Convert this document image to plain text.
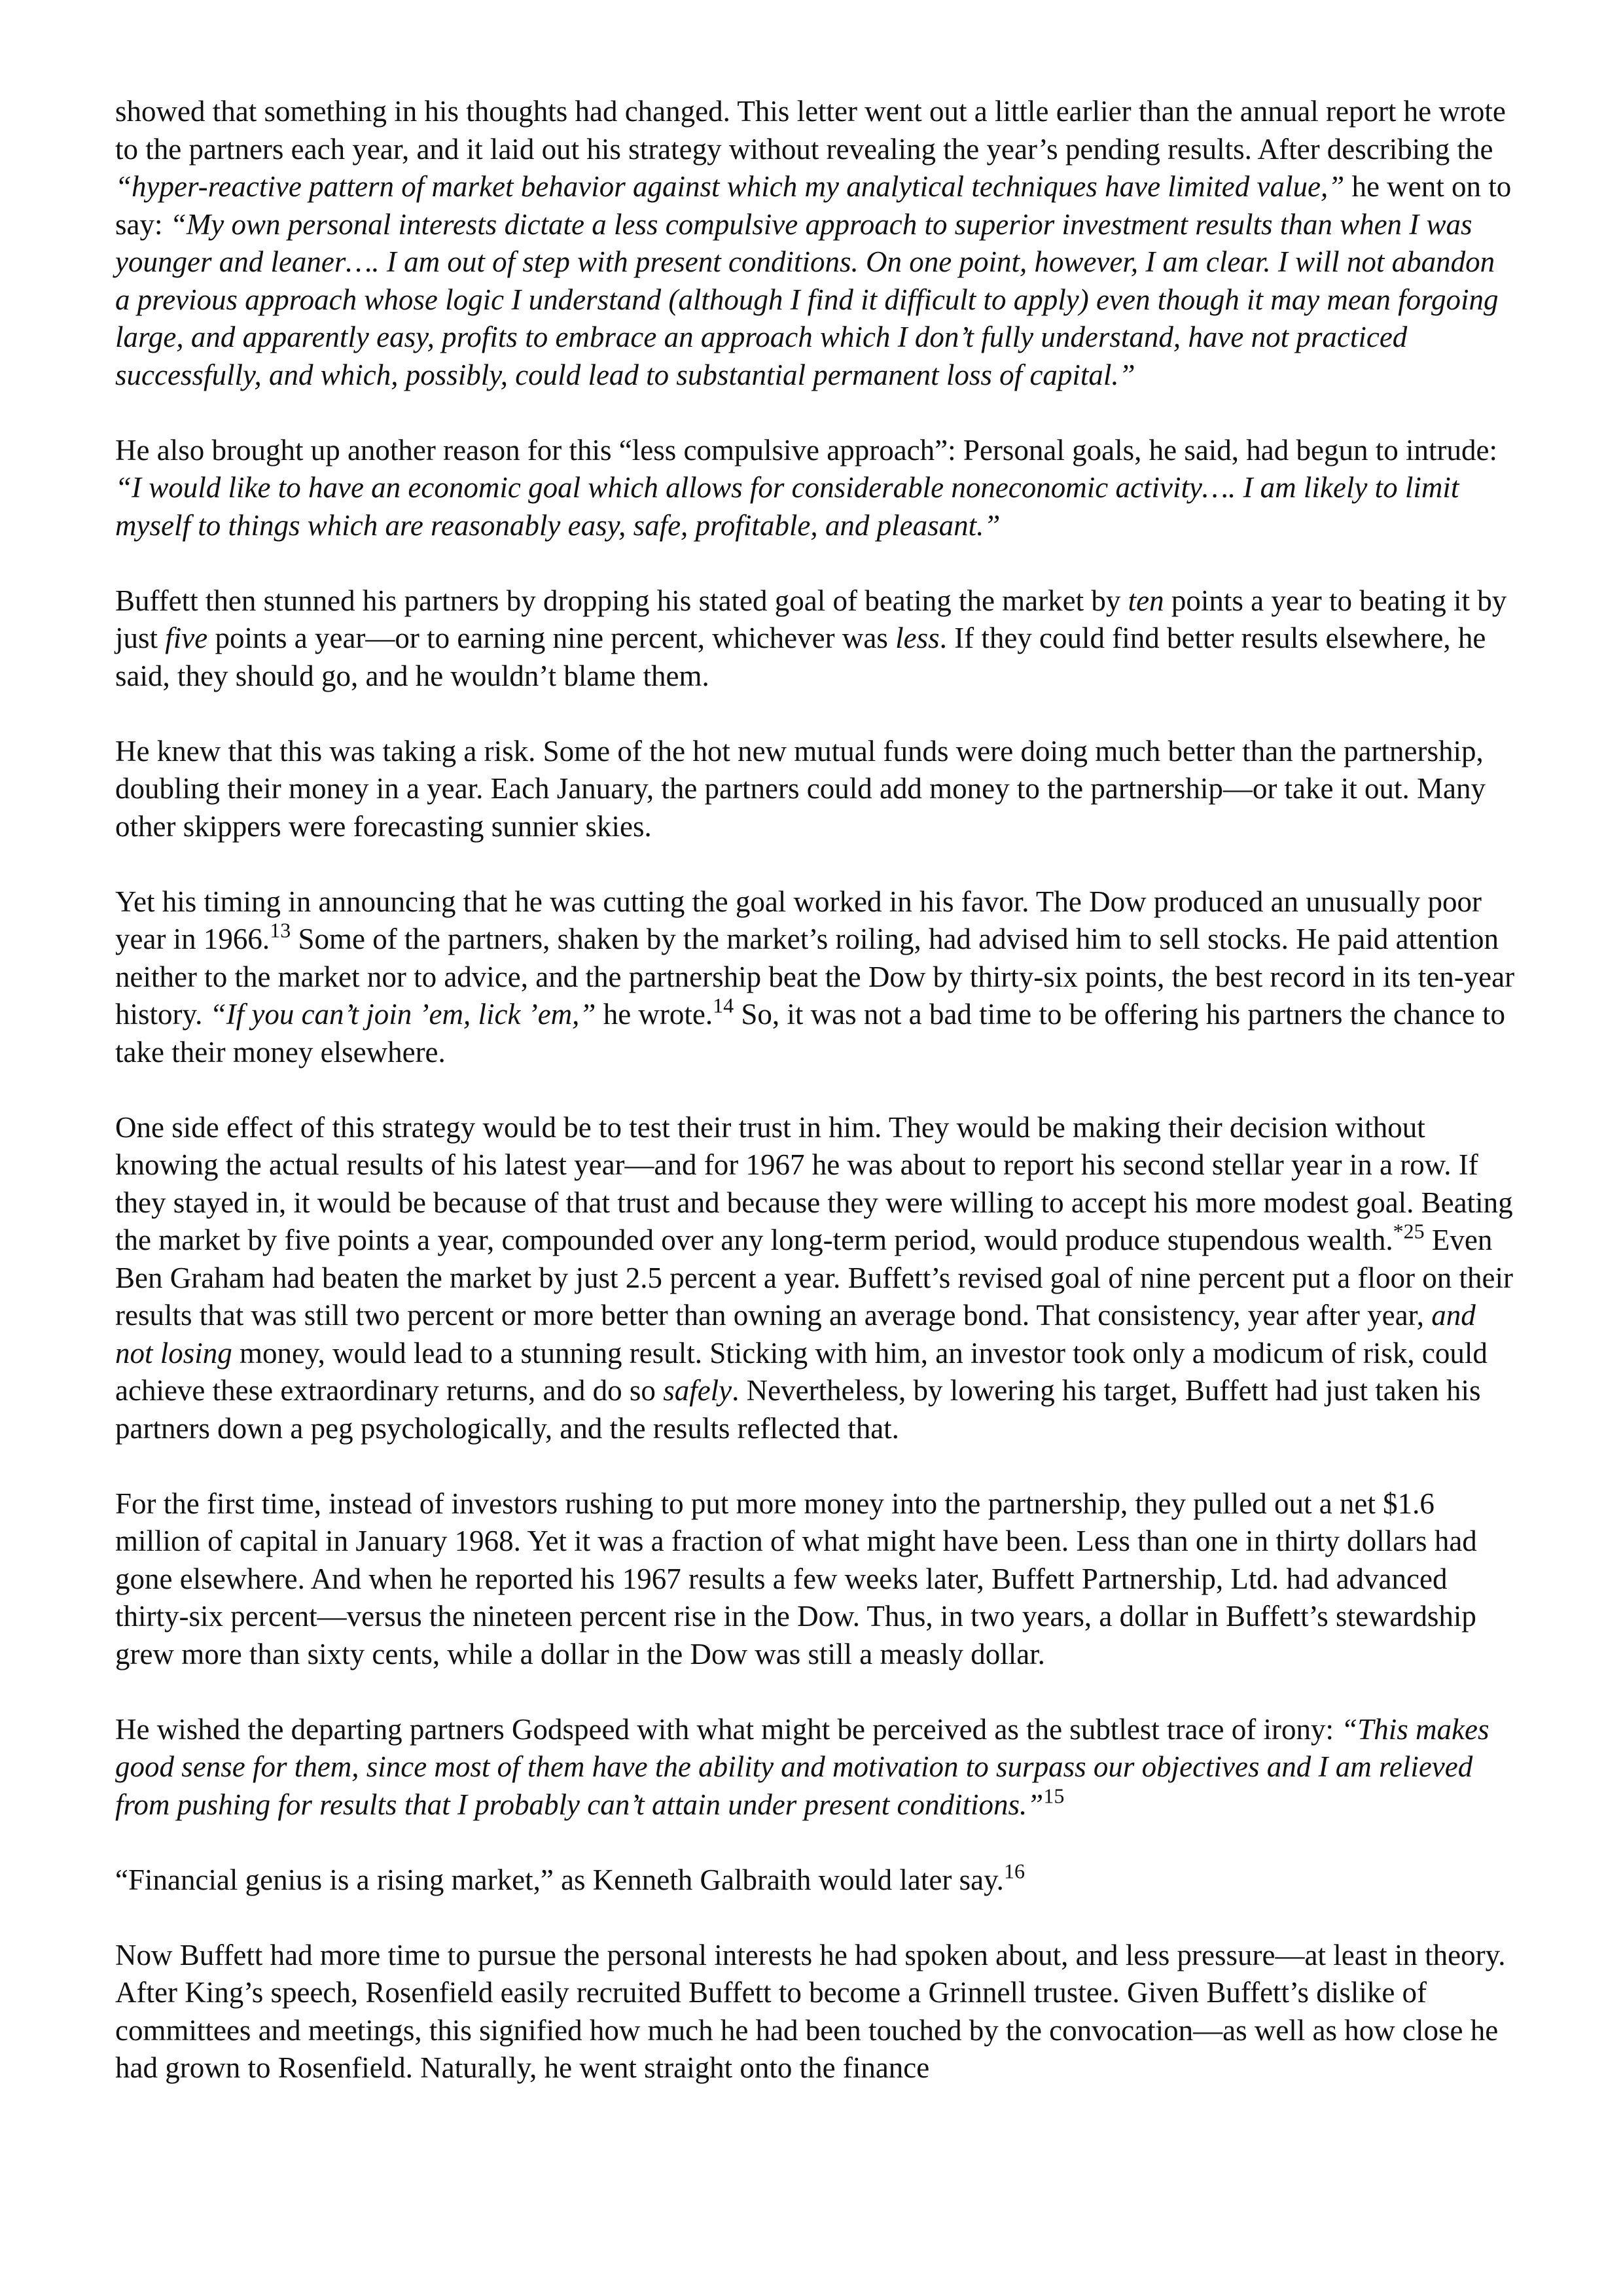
showed that something in his thoughts had changed. This letter went out a little earlier than the annual report he wrote to the partners each year, and it laid out his strategy without revealing the year’s pending results. After describing the “hyper-reactive pattern of market behavior against which my analytical techniques have limited value,” he went on to say: “My own personal interests dictate a less compulsive approach to superior investment results than when I was younger and leaner…. I am out of step with present conditions. On one point, however, I am clear. I will not abandon a previous approach whose logic I understand (although I find it difficult to apply) even though it may mean forgoing large, and apparently easy, profits to embrace an approach which I don’t fully understand, have not practiced successfully, and which, possibly, could lead to substantial permanent loss of capital.”

He also brought up another reason for this “less compulsive approach”: Personal goals, he said, had begun to intrude: “I would like to have an economic goal which allows for considerable noneconomic activity…. I am likely to limit myself to things which are reasonably easy, safe, profitable, and pleasant.”

Buffett then stunned his partners by dropping his stated goal of beating the market by ten points a year to beating it by just five points a year—or to earning nine percent, whichever was less. If they could find better results elsewhere, he said, they should go, and he wouldn’t blame them.

He knew that this was taking a risk. Some of the hot new mutual funds were doing much better than the partnership, doubling their money in a year. Each January, the partners could add money to the partnership—or take it out. Many other skippers were forecasting sunnier skies.

Yet his timing in announcing that he was cutting the goal worked in his favor. The Dow produced an unusually poor year in 1966.13 Some of the partners, shaken by the market’s roiling, had advised him to sell stocks. He paid attention neither to the market nor to advice, and the partnership beat the Dow by thirty-six points, the best record in its ten-year history. “If you can’t join ’em, lick ’em,” he wrote.$^{14}$ So, it was not a bad time to be offering his partners the chance to take their money elsewhere.

One side effect of this strategy would be to test their trust in him. They would be making their decision without knowing the actual results of his latest year—and for 1967 he was about to report his second stellar year in a row. If they stayed in, it would be because of that trust and because they were willing to accept his more modest goal. Beating the market by five points a year, compounded over any long-term period, would produce stupendous wealth.$^{*25}$ Even Ben Graham had beaten the market by just 2.5 percent a year. Buffett’s revised goal of nine percent put a floor on their results that was still two percent or more better than owning an average bond. That consistency, year after year, and not losing money, would lead to a stunning result. Sticking with him, an investor took only a modicum of risk, could achieve these extraordinary returns, and do so safely. Nevertheless, by lowering his target, Buffett had just taken his partners down a peg psychologically, and the results reflected that.

For the first time, instead of investors rushing to put more money into the partnership, they pulled out a net $1.6 million of capital in January 1968. Yet it was a fraction of what might have been. Less than one in thirty dollars had gone elsewhere. And when he reported his 1967 results a few weeks later, Buffett Partnership, Ltd. had advanced thirty-six percent—versus the nineteen percent rise in the Dow. Thus, in two years, a dollar in Buffett’s stewardship grew more than sixty cents, while a dollar in the Dow was still a measly dollar.

He wished the departing partners Godspeed with what might be perceived as the subtlest trace of irony: “This makes good sense for them, since most of them have the ability and motivation to surpass our objectives and I am relieved from pushing for results that I probably can’t attain under present conditions.”$^{15}$

“Financial genius is a rising market,” as Kenneth Galbraith would later say.$^{16}$

Now Buffett had more time to pursue the personal interests he had spoken about, and less pressure—at least in theory. After King’s speech, Rosenfield easily recruited Buffett to become a Grinnell trustee. Given Buffett’s dislike of committees and meetings, this signified how much he had been touched by the convocation—as well as how close he had grown to Rosenfield. Naturally, he went straight onto the finance
